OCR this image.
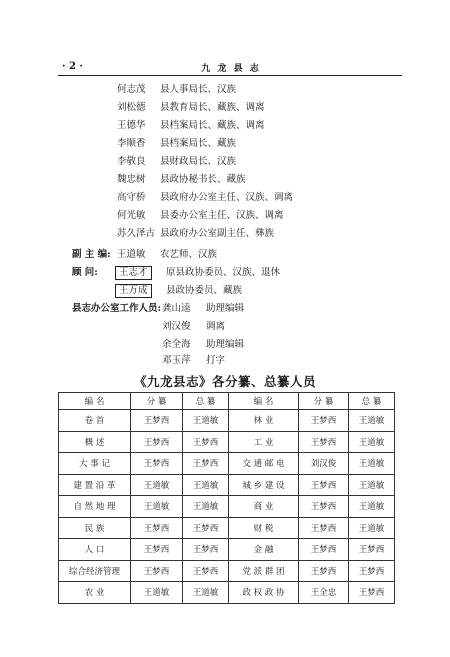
· 2 ·	九 龙 县 志
何志茂 县人事局长、汉族
刘松德 县教育局长、藏族、调离
王德华 县档案局长、藏族、调离
李顺香 县档案局长、藏族
李敬良 县财政局长、汉族
魏忠树 县政协秘书长、藏族
高守桥 县政府办公室主任、汉族、调离
何光敏 县委办公室主任、汉族、调离
苏久泽古 县政府办公室副主任、彝族
副 主 编: 王道敏 农艺师、汉族
顾 问:	王志才	原县政协委员、汉族、退休
王万成	县政协委员、藏族
县志办公室工作人员: 龚山逵 助理编辑
刘汉俊 调离
余全海 助理编辑
邓玉萍 打字
《九龙县志》各分纂、总纂人员
编 名	分 纂	总 纂	编 名	分 纂	总 纂
卷 首	王梦西	王道敏	林 业	王梦西	王道敏
概 述	王梦西	王梦西	工 业	王梦西	王道敏
大 事 记	王梦西	王梦西	交 通 邮 电	刘汉俊	王道敏
建 置 沿 革	王道敏	王道敏	城 乡 建 设	王梦西	王道敏
自 然 地 理	王道敏	王道敏	商 业	王梦西	王道敏
民 族	王梦西	王梦西	财 税	王梦西	王道敏
人 口	王梦西	王梦西	金 融	王梦西	王梦西
综合经济管理	王梦西	王梦西	党 派 群 团	王梦西	王梦西
农 业	王道敏	王道敏	政 权 政 协	王全忠	王梦西
